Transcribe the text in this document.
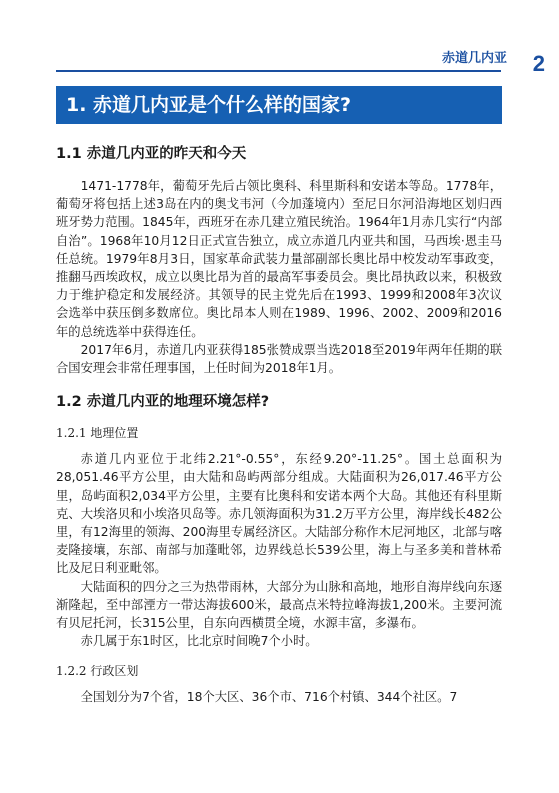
赤道几内亚 2
1. 赤道几内亚是个什么样的国家?
1.1 赤道几内亚的昨天和今天

1471-1778年，葡萄牙先后占领比奥科、科里斯科和安诺本等岛。1778年，葡萄牙将包括上述3岛在内的奥戈韦河（今加蓬境内）至尼日尔河沿海地区划归西班牙势力范围。1845年，西班牙在赤几建立殖民统治。1964年1月赤几实行“内部自治”。1968年10月12日正式宣告独立，成立赤道几内亚共和国，马西埃·恩圭马任总统。1979年8月3日，国家革命武装力量部副部长奥比昂中校发动军事政变，推翻马西埃政权，成立以奥比昂为首的最高军事委员会。奥比昂执政以来，积极致力于维护稳定和发展经济。其领导的民主党先后在1993、1999和2008年3次议会选举中获压倒多数席位。奥比昂本人则在1989、1996、2002、2009和2016年的总统选举中获得连任。

2017年6月，赤道几内亚获得185张赞成票当选2018至2019年两年任期的联合国安理会非常任理事国，上任时间为2018年1月。

1.2 赤道几内亚的地理环境怎样?
1.2.1 地理位置

赤道几内亚位于北纬2.21°-0.55°，东经9.20°-11.25°。国土总面积为28,051.46平方公里，由大陆和岛屿两部分组成。大陆面积为26,017.46平方公里，岛屿面积2,034平方公里，主要有比奥科和安诺本两个大岛。其他还有科里斯克、大埃洛贝和小埃洛贝岛等。赤几领海面积为31.2万平方公里，海岸线长482公里，有12海里的领海、200海里专属经济区。大陆部分称作木尼河地区，北部与喀麦隆接壤，东部、南部与加蓬毗邻，边界线总长539公里，海上与圣多美和普林希比及尼日利亚毗邻。

大陆面积的四分之三为热带雨林，大部分为山脉和高地，地形自海岸线向东逐渐隆起，至中部湮方一带达海拔600米，最高点米特拉峰海拔1,200米。主要河流有贝尼托河，长315公里，自东向西横贯全境，水源丰富，多瀑布。

赤几属于东1时区，比北京时间晚7个小时。

1.2.2 行政区划

全国划分为7个省，18个大区、36个市、716个村镇、344个社区。7
